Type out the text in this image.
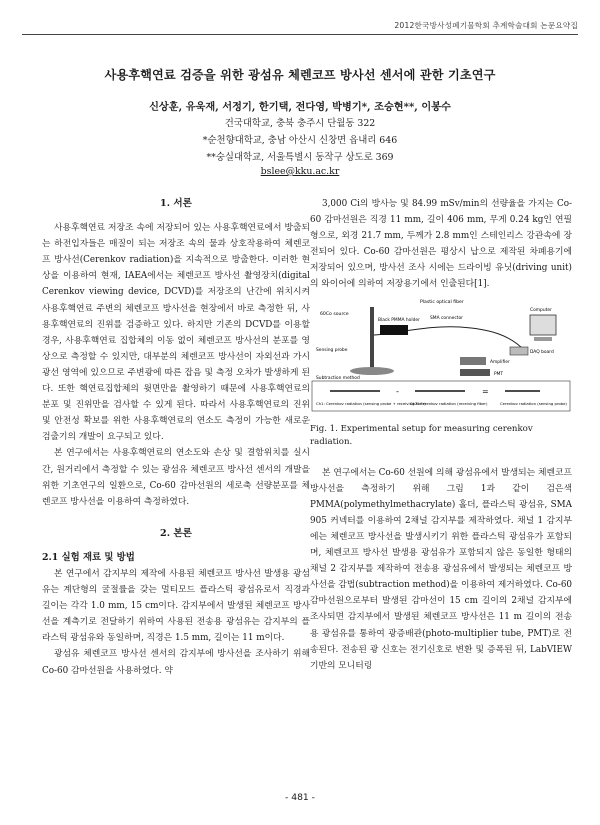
2012한국방사성폐기물학회 추계학술대회 논문요약집
사용후핵연료 검증을 위한 광섬유 체렌코프 방사선 센서에 관한 기초연구
신상훈, 유욱재, 서정기, 한기택, 전다영, 박병기*, 조승현**, 이봉수
건국대학교, 충북 충주시 단월동 322
*순천향대학교, 충남 아산시 신창면 읍내리 646
**숭실대학교, 서울특별시 동작구 상도로 369
bslee@kku.ac.kr
1. 서론

사용후핵연료 저장조 속에 저장되어 있는 사용후핵연료에서 방출되는 하전입자들은 매질이 되는 저장조 속의 물과 상호작용하여 체렌코프 방사선(Cerenkov radiation)을 지속적으로 방출한다. 이러한 현상을 이용하여 현재, IAEA에서는 체렌코프 방사선 촬영장치(digital Cerenkov viewing device, DCVD)를 저장조의 난간에 위치시켜 사용후핵연료 주변의 체렌코프 방사선을 현장에서 바로 측정한 뒤, 사용후핵연료의 진위를 검증하고 있다. 하지만 기존의 DCVD를 이용할 경우, 사용후핵연료 집합체의 이동 없이 체렌코프 방사선의 분포를 영상으로 측정할 수 있지만, 대부분의 체렌코프 방사선이 자외선과 가시광선 영역에 있으므로 주변광에 따른 잡음 및 측정 오차가 발생하게 된다. 또한 핵연료집합체의 윗면만을 촬영하기 때문에 사용후핵연료의 분포 및 진위만을 검사할 수 있게 된다. 따라서 사용후핵연료의 진위 및 안전성 확보를 위한 사용후핵연료의 연소도 측정이 가능한 새로운 검출기의 개발이 요구되고 있다.

본 연구에서는 사용후핵연료의 연소도와 손상 및 결함위치를 실시간, 원거리에서 측정할 수 있는 광섬유 체렌코프 방사선 센서의 개발을 위한 기초연구의 일환으로, Co-60 감마선원의 세로축 선량분포를 체렌코프 방사선을 이용하여 측정하였다.

2. 본론
2.1 실험 재료 및 방법

본 연구에서 감지부의 제작에 사용된 체렌코프 방사선 발생용 광섬유는 계단형의 굴절률을 갖는 멀티모드 플라스틱 광섬유로서 직경과 길이는 각각 1.0 mm, 15 cm이다. 감지부에서 발생된 체렌코프 방사선을 계측기로 전달하기 위하여 사용된 전송용 광섬유는 감지부의 플라스틱 광섬유와 동일하며, 직경은 1.5 mm, 길이는 11 m이다.

광섬유 체렌코프 방사선 센서의 감지부에 방사선을 조사하기 위해 Co-60 감마선원을 사용하였다. 약

3,000 Ci의 방사능 및 84.99 mSv/min의 선량율을 가지는 Co-60 감마선원은 직경 11 mm, 길이 406 mm, 무게 0.24 kg인 연필형으로, 외경 21.7 mm, 두께가 2.8 mm인 스테인리스 강관속에 장전되어 있다. Co-60 감마선원은 평상시 납으로 제작된 차폐용기에 저장되어 있으며, 방사선 조사 시에는 드라이빙 유닛(driving unit)의 와이어에 의하여 저장용기에서 인출된다[1].

Plastic optical fiber
60Co source
Black PMMA holder SMA connector
Computer
Sensing probe	DAQ board
Amplifier
PMT
Subtraction method
-	=
Ch1: Cerenkov radiation (sensing probe + receiving fiber)
Ch2: Cerenkov radiation (receiving fiber)	Cerenkov radiation (sensing probe)
Fig. 1. Experimental setup for measuring cerenkov radiation.

본 연구에서는 Co-60 선원에 의해 광섬유에서 발생되는 체렌코프 방사선을 측정하기 위해 그림 1과 같이 검은색 PMMA(polymethylmethacrylate) 홀더, 플라스틱 광섬유, SMA 905 커넥터를 이용하여 2채널 감지부를 제작하였다. 채널 1 감지부에는 체렌코프 방사선을 발생시키기 위한 플라스틱 광섬유가 포함되며, 체렌코프 방사선 발생용 광섬유가 포함되지 않은 동일한 형태의 채널 2 감지부를 제작하여 전송용 광섬유에서 발생되는 체렌코프 방사선을 감법(subtraction method)을 이용하여 제거하였다. Co-60 감마선원으로부터 발생된 감마선이 15 cm 길이의 2채널 감지부에 조사되면 감지부에서 발생된 체렌코프 방사선은 11 m 길이의 전송용 광섬유를 통하여 광증배관(photo-multiplier tube, PMT)로 전송된다. 전송된 광 신호는 전기신호로 변환 및 증폭된 뒤, LabVIEW 기반의 모니터링

- 481 -
